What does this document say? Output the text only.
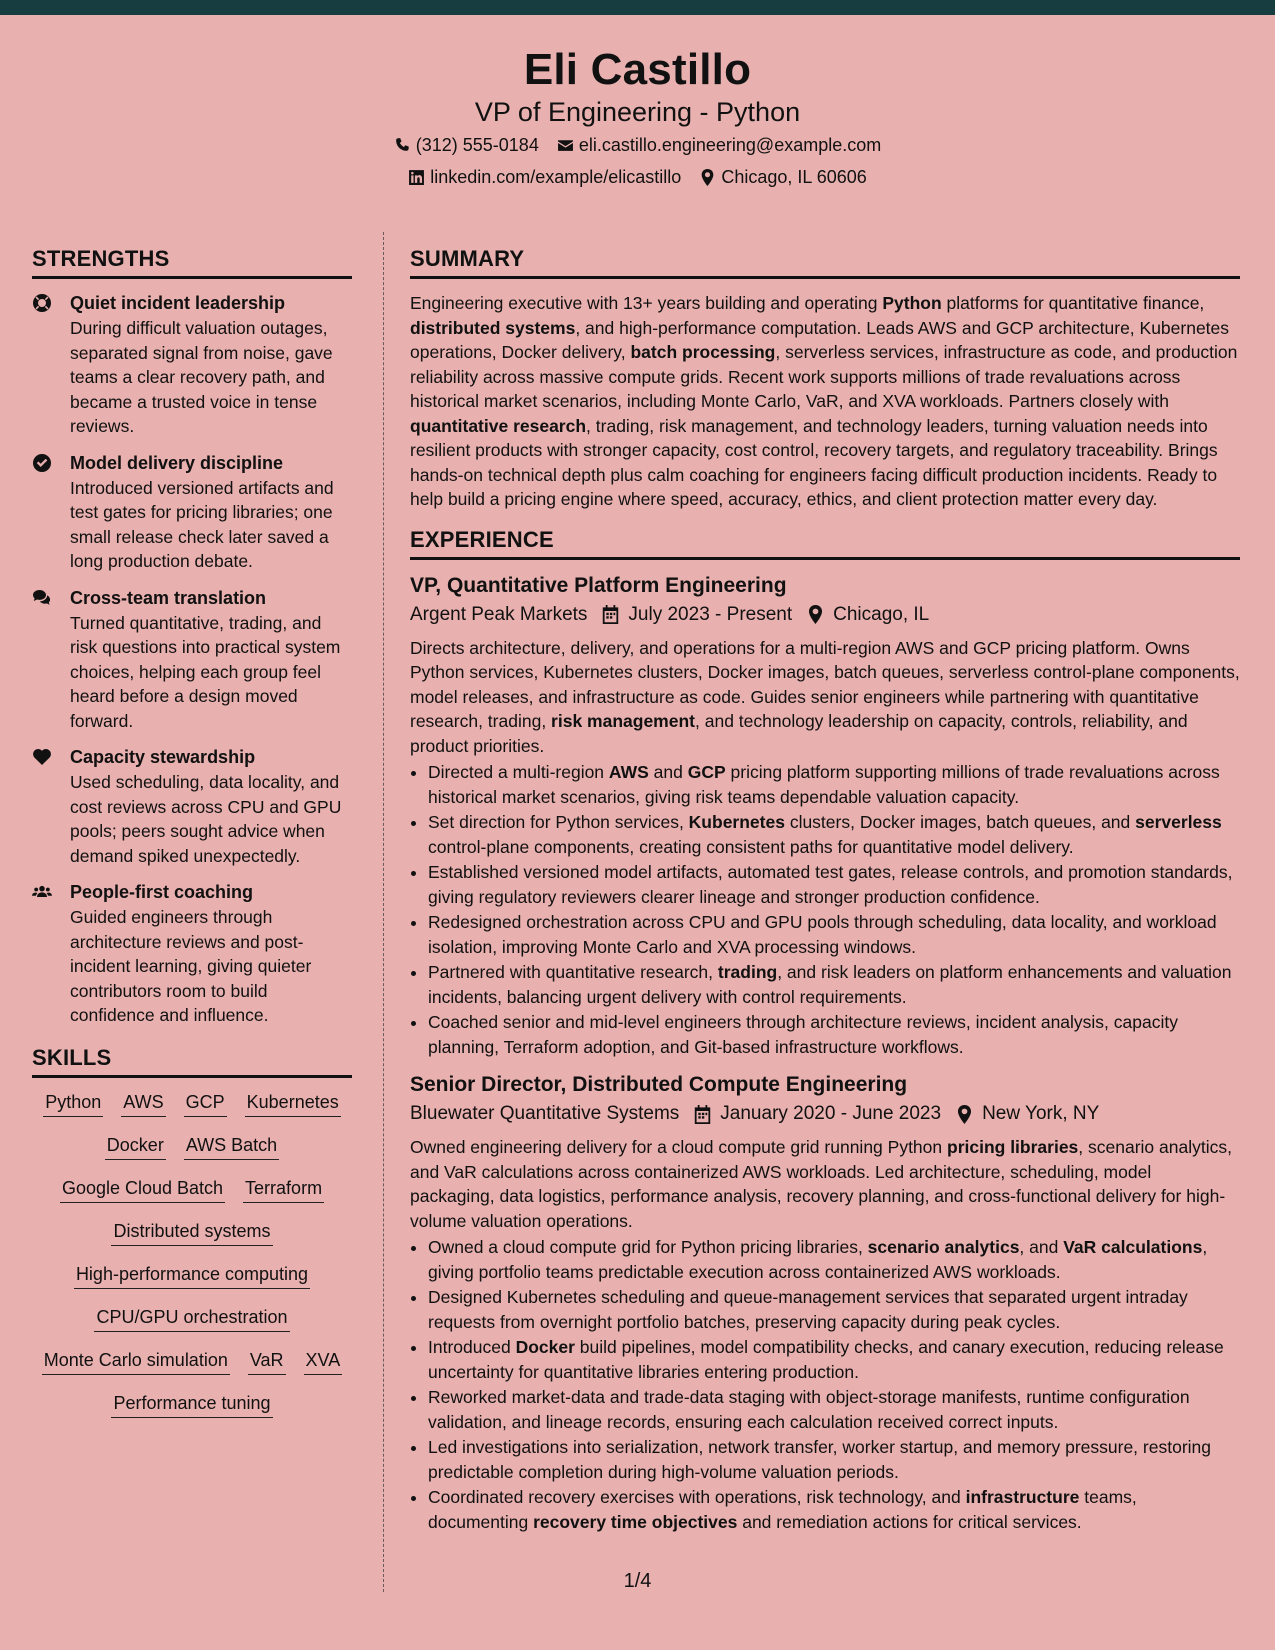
Eli Castillo
VP of Engineering - Python
(312) 555-0184 eli.castillo.engineering@example.com
linkedin.com/example/elicastillo Chicago, IL 60606
STRENGTHS
Quiet incident leadership
During difficult valuation outages, separated signal from noise, gave teams a clear recovery path, and became a trusted voice in tense reviews.
Model delivery discipline
Introduced versioned artifacts and test gates for pricing libraries; one small release check later saved a long production debate.
Cross-team translation
Turned quantitative, trading, and risk questions into practical system choices, helping each group feel heard before a design moved forward.
Capacity stewardship
Used scheduling, data locality, and cost reviews across CPU and GPU pools; peers sought advice when demand spiked unexpectedly.
People-first coaching
Guided engineers through architecture reviews and post-incident learning, giving quieter contributors room to build confidence and influence.
SKILLS
Python AWS GCP Kubernetes
Docker AWS Batch
Google Cloud Batch Terraform
Distributed systems
High-performance computing
CPU/GPU orchestration
Monte Carlo simulation VaR XVA
Performance tuning
SUMMARY
Engineering executive with 13+ years building and operating Python platforms for quantitative finance, distributed systems, and high-performance computation. Leads AWS and GCP architecture, Kubernetes operations, Docker delivery, batch processing, serverless services, infrastructure as code, and production reliability across massive compute grids. Recent work supports millions of trade revaluations across historical market scenarios, including Monte Carlo, VaR, and XVA workloads. Partners closely with quantitative research, trading, risk management, and technology leaders, turning valuation needs into resilient products with stronger capacity, cost control, recovery targets, and regulatory traceability. Brings hands-on technical depth plus calm coaching for engineers facing difficult production incidents. Ready to help build a pricing engine where speed, accuracy, ethics, and client protection matter every day.
EXPERIENCE
VP, Quantitative Platform Engineering
Argent Peak Markets July 2023 - Present Chicago, IL
Directs architecture, delivery, and operations for a multi-region AWS and GCP pricing platform. Owns Python services, Kubernetes clusters, Docker images, batch queues, serverless control-plane components, model releases, and infrastructure as code. Guides senior engineers while partnering with quantitative research, trading, risk management, and technology leadership on capacity, controls, reliability, and product priorities.
• Directed a multi-region AWS and GCP pricing platform supporting millions of trade revaluations across historical market scenarios, giving risk teams dependable valuation capacity.
• Set direction for Python services, Kubernetes clusters, Docker images, batch queues, and serverless control-plane components, creating consistent paths for quantitative model delivery.
• Established versioned model artifacts, automated test gates, release controls, and promotion standards, giving regulatory reviewers clearer lineage and stronger production confidence.
• Redesigned orchestration across CPU and GPU pools through scheduling, data locality, and workload isolation, improving Monte Carlo and XVA processing windows.
• Partnered with quantitative research, trading, and risk leaders on platform enhancements and valuation incidents, balancing urgent delivery with control requirements.
• Coached senior and mid-level engineers through architecture reviews, incident analysis, capacity planning, Terraform adoption, and Git-based infrastructure workflows.
Senior Director, Distributed Compute Engineering
Bluewater Quantitative Systems January 2020 - June 2023 New York, NY
Owned engineering delivery for a cloud compute grid running Python pricing libraries, scenario analytics, and VaR calculations across containerized AWS workloads. Led architecture, scheduling, model packaging, data logistics, performance analysis, recovery planning, and cross-functional delivery for high-volume valuation operations.
• Owned a cloud compute grid for Python pricing libraries, scenario analytics, and VaR calculations, giving portfolio teams predictable execution across containerized AWS workloads.
• Designed Kubernetes scheduling and queue-management services that separated urgent intraday requests from overnight portfolio batches, preserving capacity during peak cycles.
• Introduced Docker build pipelines, model compatibility checks, and canary execution, reducing release uncertainty for quantitative libraries entering production.
• Reworked market-data and trade-data staging with object-storage manifests, runtime configuration validation, and lineage records, ensuring each calculation received correct inputs.
• Led investigations into serialization, network transfer, worker startup, and memory pressure, restoring predictable completion during high-volume valuation periods.
• Coordinated recovery exercises with operations, risk technology, and infrastructure teams, documenting recovery time objectives and remediation actions for critical services.
1/4
